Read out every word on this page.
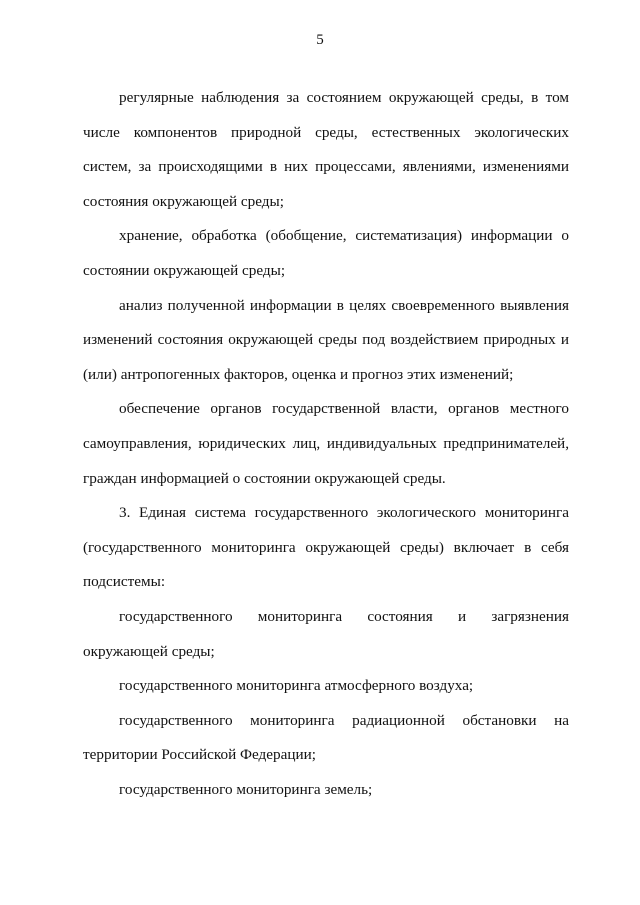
5

регулярные наблюдения за состоянием окружающей среды, в том числе компонентов природной среды, естественных экологических систем, за происходящими в них процессами, явлениями, изменениями состояния окружающей среды;

хранение, обработка (обобщение, систематизация) информации о состоянии окружающей среды;

анализ полученной информации в целях своевременного выявления изменений состояния окружающей среды под воздействием природных и (или) антропогенных факторов, оценка и прогноз этих изменений;

обеспечение органов государственной власти, органов местного самоуправления, юридических лиц, индивидуальных предпринимателей, граждан информацией о состоянии окружающей среды.

3. Единая система государственного экологического мониторинга (государственного мониторинга окружающей среды) включает в себя подсистемы:

государственного мониторинга состояния и загрязнения окружающей среды;

государственного мониторинга атмосферного воздуха;

государственного мониторинга радиационной обстановки на территории Российской Федерации;

государственного мониторинга земель;
